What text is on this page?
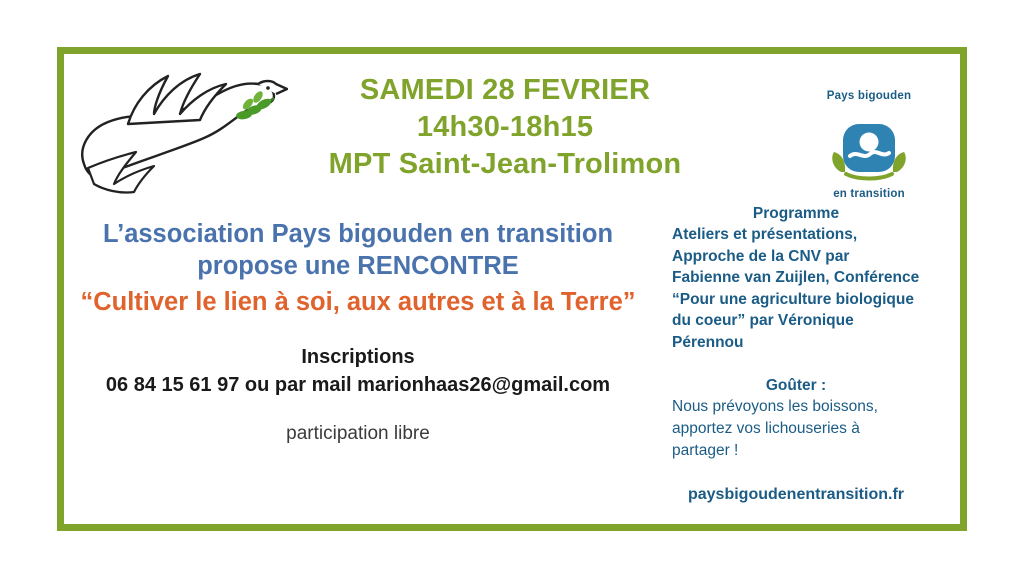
SAMEDI 28 FEVRIER
14h30-18h15
MPT Saint-Jean-Trolimon
Pays bigouden
en transition
L’association Pays bigouden en transition propose une RENCONTRE
“Cultiver le lien à soi, aux autres et à la Terre”
Inscriptions
06 84 15 61 97 ou par mail marionhaas26@gmail.com
participation libre
Programme
Ateliers et présentations, Approche de la CNV par Fabienne van Zuijlen, Conférence “Pour une agriculture biologique du coeur” par Véronique Pérennou
Goûter :
Nous prévoyons les boissons, apportez vos lichouseries à partager !
paysbigoudenentransition.fr
